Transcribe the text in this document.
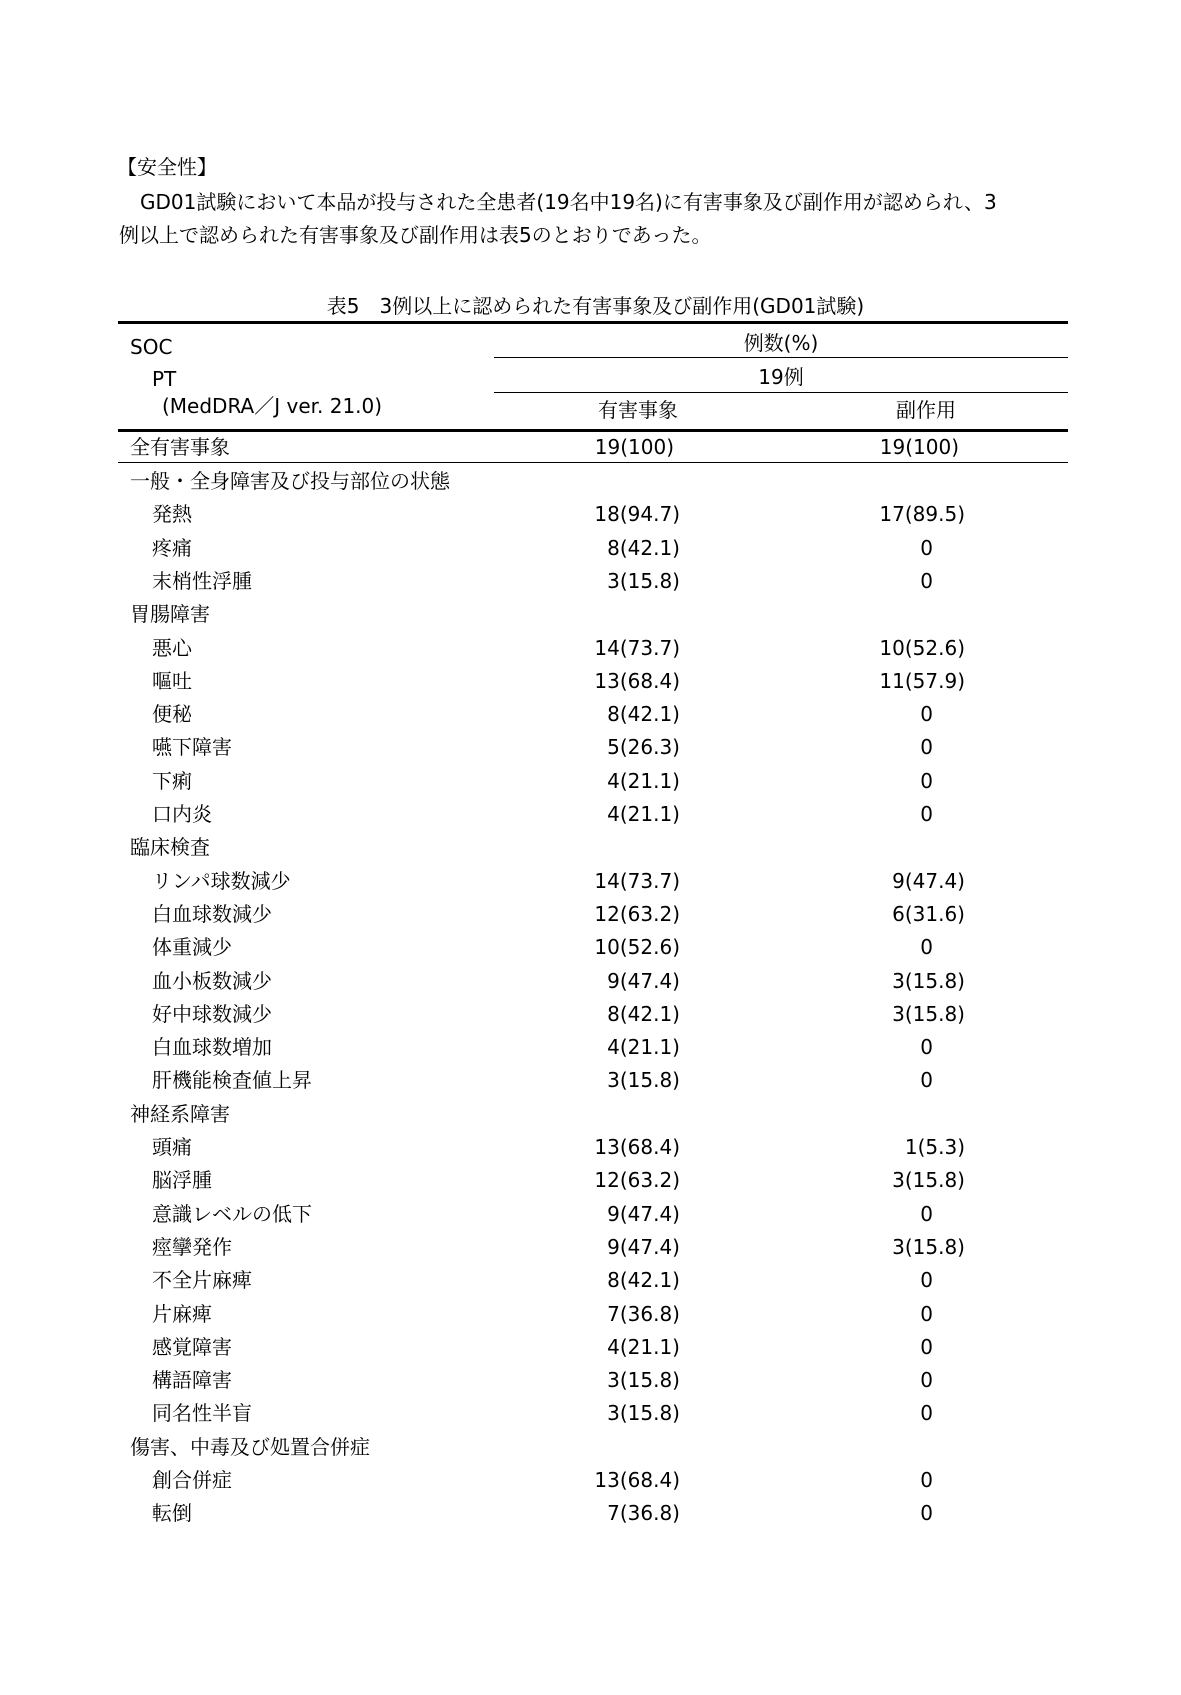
【安全性】
GD01試験において本品が投与された全患者(19名中19名)に有害事象及び副作用が認められ、3
例以上で認められた有害事象及び副作用は表5のとおりであった。
表5　3例以上に認められた有害事象及び副作用(GD01試験)
SOC
PT
(MedDRA／J ver. 21.0)
例数(%)
19例
有害事象	副作用
全有害事象	19(100)	19(100)
一般・全身障害及び投与部位の状態
発熱	18(94.7)	17(89.5)
疼痛	8(42.1)	0
末梢性浮腫	3(15.8)	0
胃腸障害
悪心	14(73.7)	10(52.6)
嘔吐	13(68.4)	11(57.9)
便秘	8(42.1)	0
嚥下障害	5(26.3)	0
下痢	4(21.1)	0
口内炎	4(21.1)	0
臨床検査
リンパ球数減少	14(73.7)	9(47.4)
白血球数減少	12(63.2)	6(31.6)
体重減少	10(52.6)	0
血小板数減少	9(47.4)	3(15.8)
好中球数減少	8(42.1)	3(15.8)
白血球数増加	4(21.1)	0
肝機能検査値上昇	3(15.8)	0
神経系障害
頭痛	13(68.4)	1(5.3)
脳浮腫	12(63.2)	3(15.8)
意識レベルの低下	9(47.4)	0
痙攣発作	9(47.4)	3(15.8)
不全片麻痺	8(42.1)	0
片麻痺	7(36.8)	0
感覚障害	4(21.1)	0
構語障害	3(15.8)	0
同名性半盲	3(15.8)	0
傷害、中毒及び処置合併症
創合併症	13(68.4)	0
転倒	7(36.8)	0
